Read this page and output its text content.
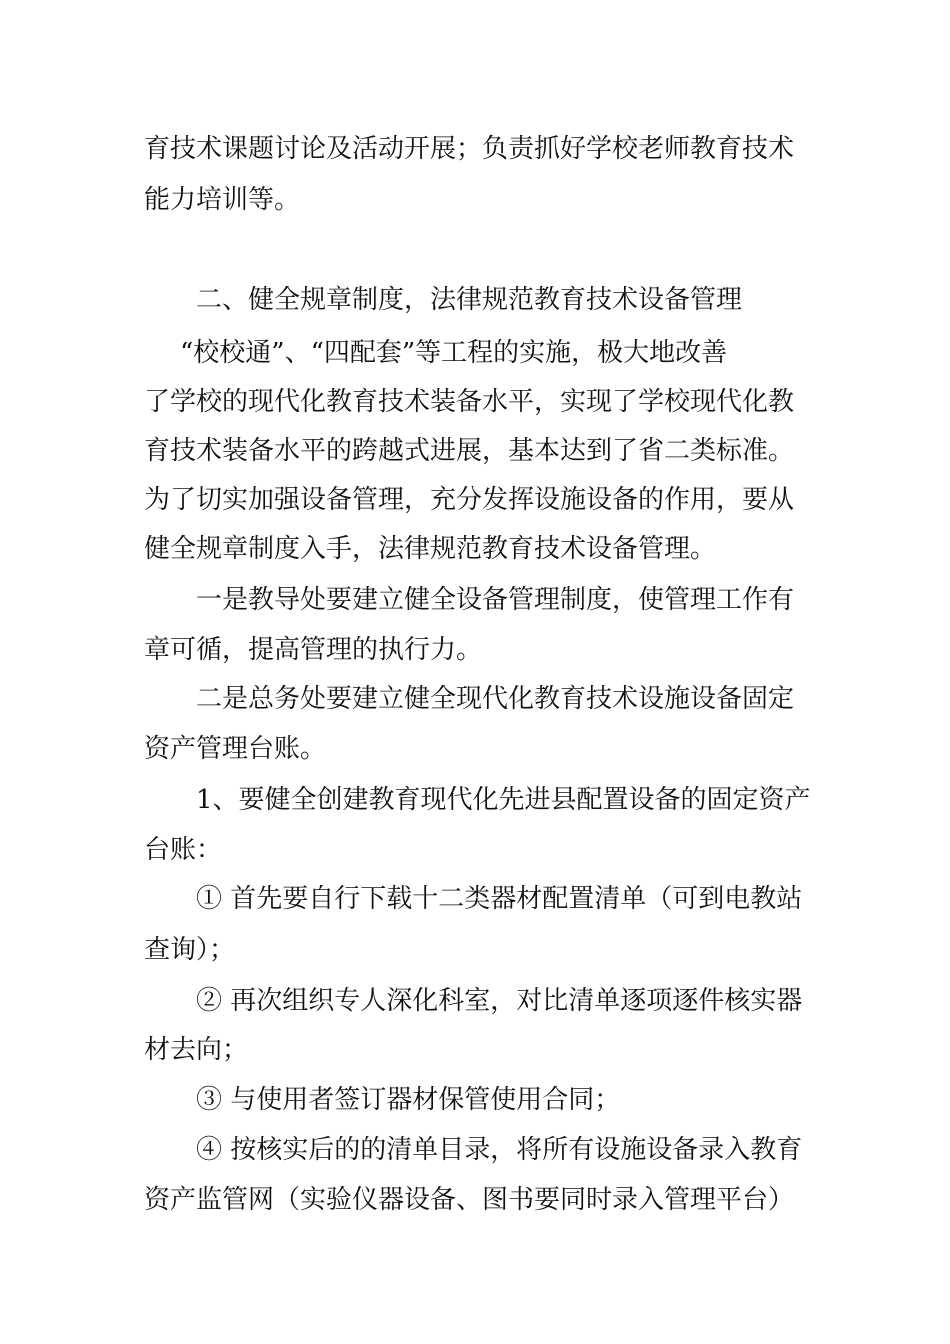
育技术课题讨论及活动开展；负责抓好学校老师教育技术
能力培训等。
二、健全规章制度，法律规范教育技术设备管理
“校校通”、“四配套”等工程的实施，极大地改善
了学校的现代化教育技术装备水平，实现了学校现代化教
育技术装备水平的跨越式进展，基本达到了省二类标准。
为了切实加强设备管理，充分发挥设施设备的作用，要从
健全规章制度入手，法律规范教育技术设备管理。
一是教导处要建立健全设备管理制度，使管理工作有
章可循，提高管理的执行力。
二是总务处要建立健全现代化教育技术设施设备固定
资产管理台账。
1、要健全创建教育现代化先进县配置设备的固定资产
台账：
① 首先要自行下载十二类器材配置清单（可到电教站
查询）；
② 再次组织专人深化科室，对比清单逐项逐件核实器
材去向；
③ 与使用者签订器材保管使用合同；
④ 按核实后的的清单目录，将所有设施设备录入教育
资产监管网（实验仪器设备、图书要同时录入管理平台）
